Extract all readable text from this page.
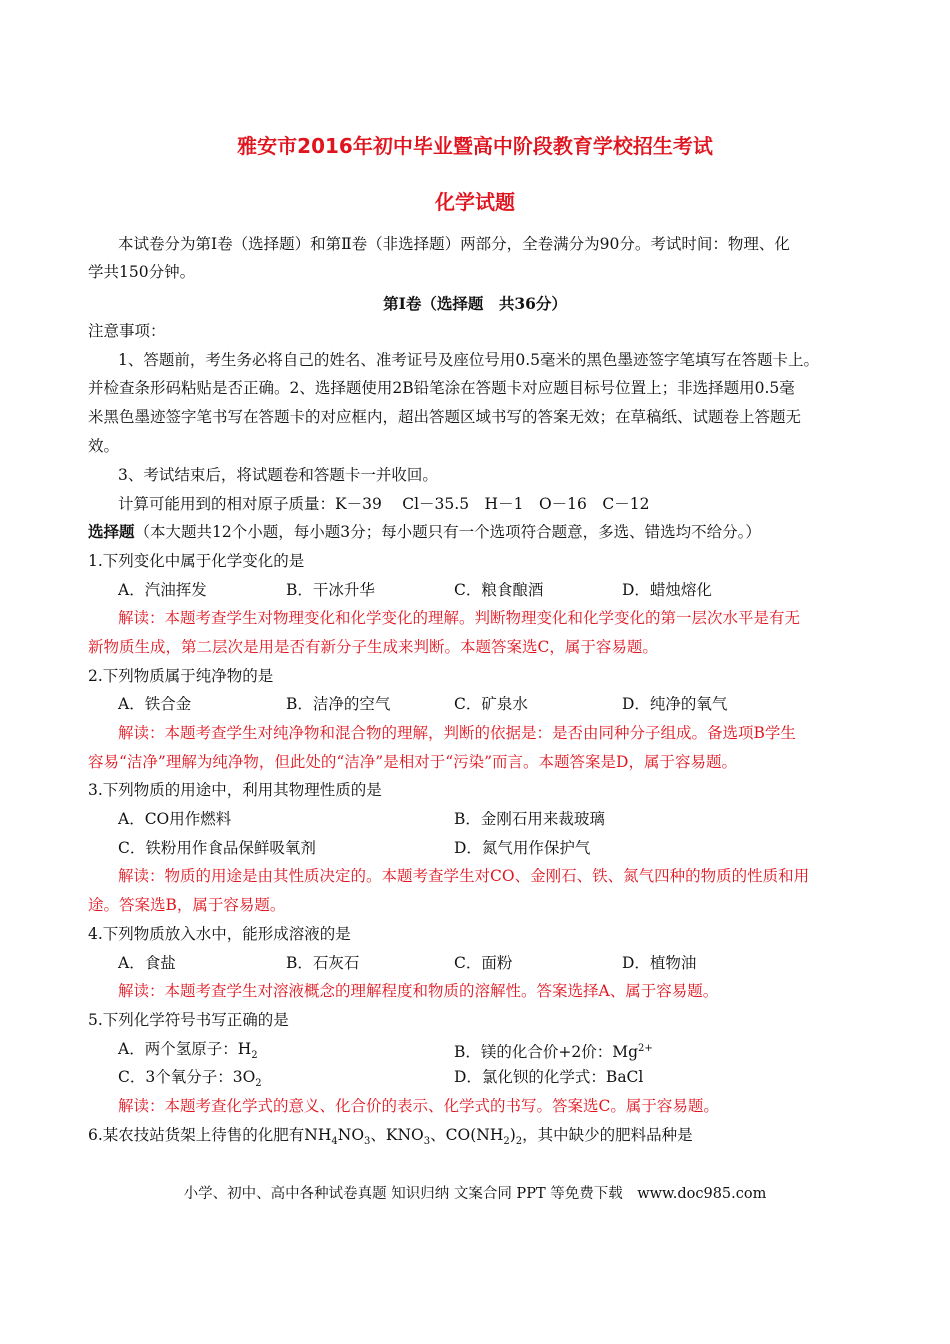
雅安市2016年初中毕业暨高中阶段教育学校招生考试
化学试题
本试卷分为第Ⅰ卷（选择题）和第Ⅱ卷（非选择题）两部分，全卷满分为90分。考试时间：物理、化
学共150分钟。
第Ⅰ卷（选择题　共36分）
注意事项：
1、答题前，考生务必将自己的姓名、准考证号及座位号用0.5毫米的黑色墨迹签字笔填写在答题卡上。
并检查条形码粘贴是否正确。2、选择题使用2B铅笔涂在答题卡对应题目标号位置上；非选择题用0.5毫
米黑色墨迹签字笔书写在答题卡的对应框内，超出答题区域书写的答案无效；在草稿纸、试题卷上答题无
效。
3、考试结束后，将试题卷和答题卡一并收回。
计算可能用到的相对原子质量：K－39　 Cl－35.5　H－1　O－16　C－12
选择题（本大题共12个小题，每小题3分；每小题只有一个选项符合题意，多选、错选均不给分。）
1.下列变化中属于化学变化的是
A．汽油挥发	B．干冰升华	C．粮食酿酒	D．蜡烛熔化
解读：本题考查学生对物理变化和化学变化的理解。判断物理变化和化学变化的第一层次水平是有无
新物质生成，第二层次是用是否有新分子生成来判断。本题答案选C，属于容易题。
2.下列物质属于纯净物的是
A．铁合金	B．洁净的空气	C．矿泉水	D．纯净的氧气
解读：本题考查学生对纯净物和混合物的理解，判断的依据是：是否由同种分子组成。备选项B学生
容易“洁净”理解为纯净物，但此处的“洁净”是相对于“污染”而言。本题答案是D，属于容易题。
3.下列物质的用途中，利用其物理性质的是
A．CO用作燃料	B．金刚石用来裁玻璃
C．铁粉用作食品保鲜吸氧剂	D．氮气用作保护气
解读：物质的用途是由其性质决定的。本题考查学生对CO、金刚石、铁、氮气四种的物质的性质和用
途。答案选B，属于容易题。
4.下列物质放入水中，能形成溶液的是
A．食盐	B．石灰石	C．面粉	D．植物油
解读：本题考查学生对溶液概念的理解程度和物质的溶解性。答案选择A、属于容易题。
5.下列化学符号书写正确的是
A．两个氢原子：$H_2$	B．镁的化合价+2价：$Mg^{2+}$
C．3个氧分子：$3O_2$	D．氯化钡的化学式：BaCl
解读：本题考查化学式的意义、化合价的表示、化学式的书写。答案选C。属于容易题。
6.某农技站货架上待售的化肥有$NH_4NO_3$、$KNO_3$、$CO(NH_2)_2$，其中缺少的肥料品种是
小学、初中、高中各种试卷真题 知识归纳 文案合同 PPT 等免费下载　www.doc985.com
